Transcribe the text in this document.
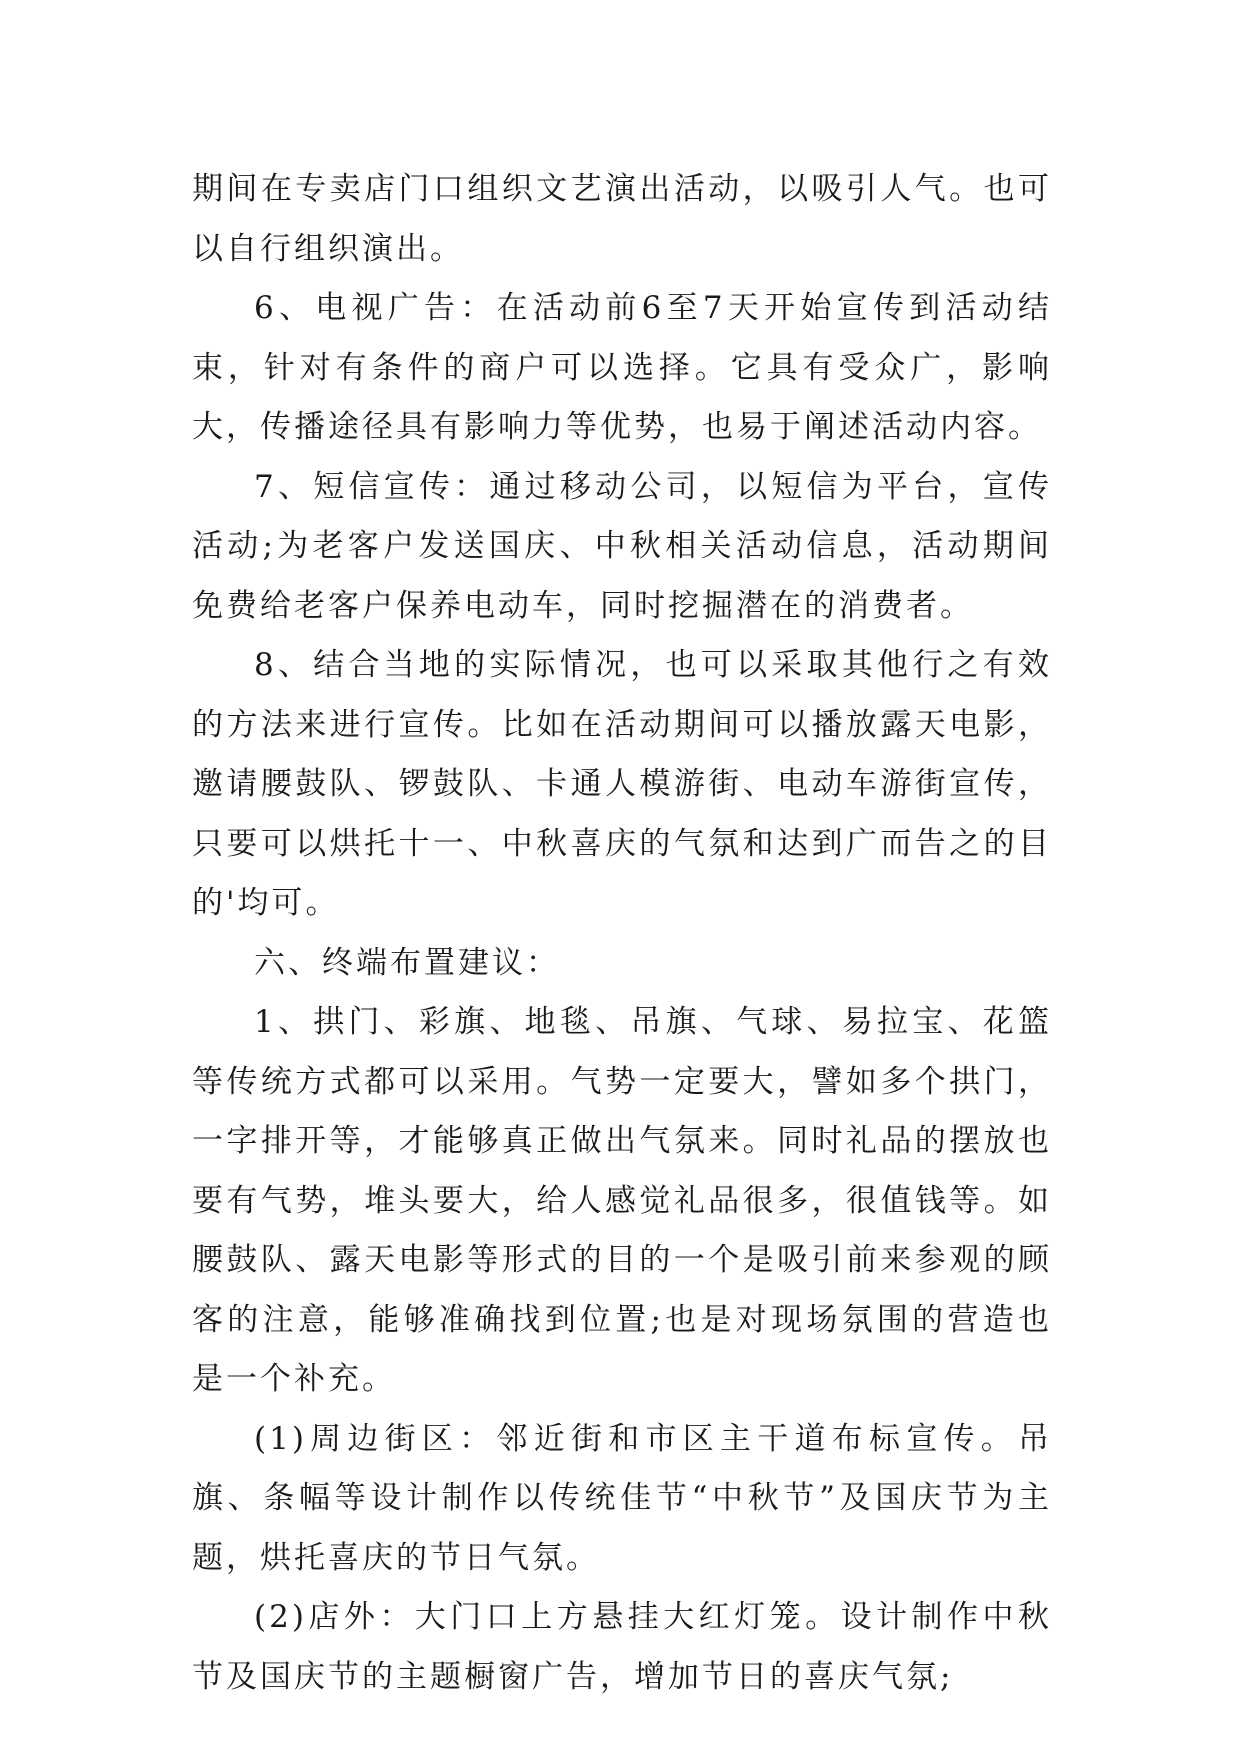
期间在专卖店门口组织文艺演出活动，以吸引人气。也可以自行组织演出。

6、电视广告：在活动前6至7天开始宣传到活动结束，针对有条件的商户可以选择。它具有受众广，影响大，传播途径具有影响力等优势，也易于阐述活动内容。

7、短信宣传：通过移动公司，以短信为平台，宣传活动;为老客户发送国庆、中秋相关活动信息，活动期间免费给老客户保养电动车，同时挖掘潜在的消费者。

8、结合当地的实际情况，也可以采取其他行之有效的方法来进行宣传。比如在活动期间可以播放露天电影，邀请腰鼓队、锣鼓队、卡通人模游街、电动车游街宣传，只要可以烘托十一、中秋喜庆的气氛和达到广而告之的目的'均可。

六、终端布置建议：

1、拱门、彩旗、地毯、吊旗、气球、易拉宝、花篮等传统方式都可以采用。气势一定要大，譬如多个拱门，一字排开等，才能够真正做出气氛来。同时礼品的摆放也要有气势，堆头要大，给人感觉礼品很多，很值钱等。如腰鼓队、露天电影等形式的目的一个是吸引前来参观的顾客的注意，能够准确找到位置;也是对现场氛围的营造也是一个补充。

(1)周边街区：邻近街和市区主干道布标宣传。吊旗、条幅等设计制作以传统佳节“中秋节”及国庆节为主题，烘托喜庆的节日气氛。

(2)店外：大门口上方悬挂大红灯笼。设计制作中秋节及国庆节的主题橱窗广告，增加节日的喜庆气氛;
